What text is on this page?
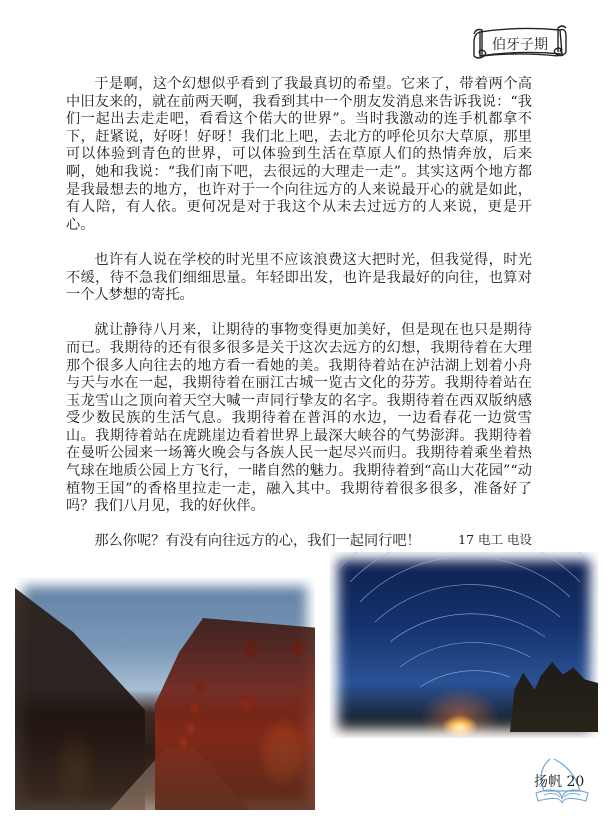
伯牙子期

于是啊，这个幻想似乎看到了我最真切的希望。它来了，带着两个高中旧友来的，就在前两天啊，我看到其中一个朋友发消息来告诉我说：“我们一起出去走走吧，看看这个偌大的世界”。当时我激动的连手机都拿不下，赶紧说，好呀！好呀！我们北上吧，去北方的呼伦贝尔大草原，那里可以体验到青色的世界，可以体验到生活在草原人们的热情奔放，后来啊，她和我说：“我们南下吧，去很远的大理走一走”。其实这两个地方都是我最想去的地方，也许对于一个向往远方的人来说最开心的就是如此，有人陪，有人依。更何况是对于我这个从未去过远方的人来说，更是开心。

也许有人说在学校的时光里不应该浪费这大把时光，但我觉得，时光不缓，待不急我们细细思量。年轻即出发，也许是我最好的向往，也算对一个人梦想的寄托。

就让静待八月来，让期待的事物变得更加美好，但是现在也只是期待而已。我期待的还有很多很多是关于这次去远方的幻想，我期待着在大理那个很多人向往去的地方看一看她的美。我期待着站在泸沽湖上划着小舟与天与水在一起，我期待着在丽江古城一览古文化的芬芳。我期待着站在玉龙雪山之顶向着天空大喊一声同行挚友的名字。我期待着在西双版纳感受少数民族的生活气息。我期待着在普洱的水边，一边看春花一边赏雪山。我期待着站在虎跳崖边看着世界上最深大峡谷的气势澎湃。我期待着在曼听公园来一场篝火晚会与各族人民一起尽兴而归。我期待着乘坐着热气球在地质公园上方飞行，一睹自然的魅力。我期待着到“高山大花园”“动植物王国”的香格里拉走一走，融入其中。我期待着很多很多，准备好了吗？我们八月见，我的好伙伴。

那么你呢？有没有向往远方的心，我们一起同行吧！	17 电工 电设
扬帆 20
